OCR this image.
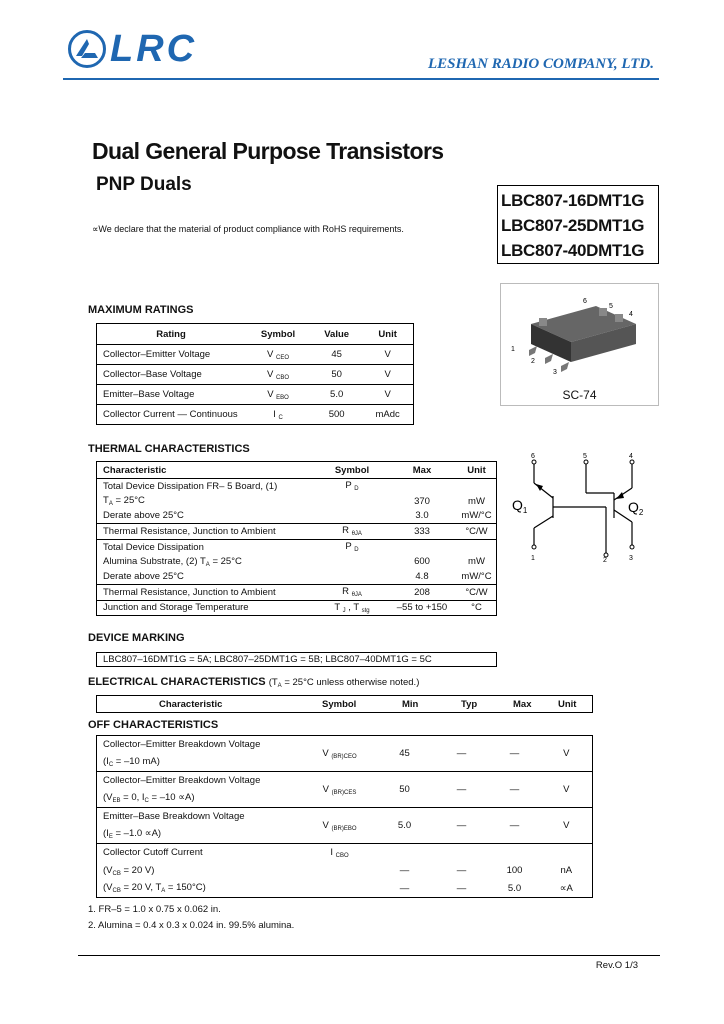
LRC	LESHAN RADIO COMPANY, LTD.
Dual General Purpose Transistors
PNP Duals
LBC807-16DMT1G
LBC807-25DMT1G
LBC807-40DMT1G
∝We declare that the material of product compliance with RoHS requirements.
MAXIMUM RATINGS
Rating	Symbol	Value	Unit
Collector–Emitter Voltage	V $_{CEO}$	45	V
Collector–Base Voltage	V $_{CBO}$	50	V
Emitter–Base Voltage	V $_{EBO}$	5.0	V
Collector Current — Continuous	I $_C$	500	mAdc
6
5
4
1
2
3
SC-74
6	5	4
1	2	3
$Q_1$	$Q_2$
THERMAL CHARACTERISTICS
Characteristic	Symbol	Max	Unit
Total Device Dissipation FR– 5 Board, (1)	P $_D$		
$T_A = 25^\circ C$		370	mW
Derate above 25°C		3.0	mW/°C
Thermal Resistance, Junction to Ambient	R $_{\theta JA}$	333	°C/W
Total Device Dissipation	P $_D$		
Alumina Substrate, (2) $T_A = 25^\circ C$		600	mW
Derate above 25°C		4.8	mW/°C
Thermal Resistance, Junction to Ambient	R $_{\theta JA}$	208	°C/W
Junction and Storage Temperature	T $_J$ , T $_{stg}$	–55 to +150	°C
DEVICE MARKING
LBC807–16DMT1G = 5A; LBC807–25DMT1G = 5B; LBC807–40DMT1G = 5C
ELECTRICAL CHARACTERISTICS ($T_A = 25^\circ C$ unless otherwise noted.)
Characteristic	Symbol	Min	Typ	Max	Unit
OFF CHARACTERISTICS
Collector–Emitter Breakdown Voltage	V $_{(BR)CEO}$	45	—	—	V
($I_C = -10$ mA)					
Collector–Emitter Breakdown Voltage	V $_{(BR)CES}$	50	—	—	V
($V_{EB} = 0$, $I_C = -10 \propto A$)					
Emitter–Base Breakdown Voltage	V $_{(BR)EBO}$	5.0	—	—	V
$(I_E = -1.0 \propto A)$					
Collector Cutoff Current	I $_{CBO}$				
($V_{CB} = 20$ V)		—	—	100	nA
($V_{CB} = 20$ V, $T_A = 150^\circ C$)		—	—	5.0	∝A
1. FR–5 = 1.0 x 0.75 x 0.062 in.
2. Alumina = 0.4 x 0.3 x 0.024 in. 99.5% alumina.
Rev.O 1/3
